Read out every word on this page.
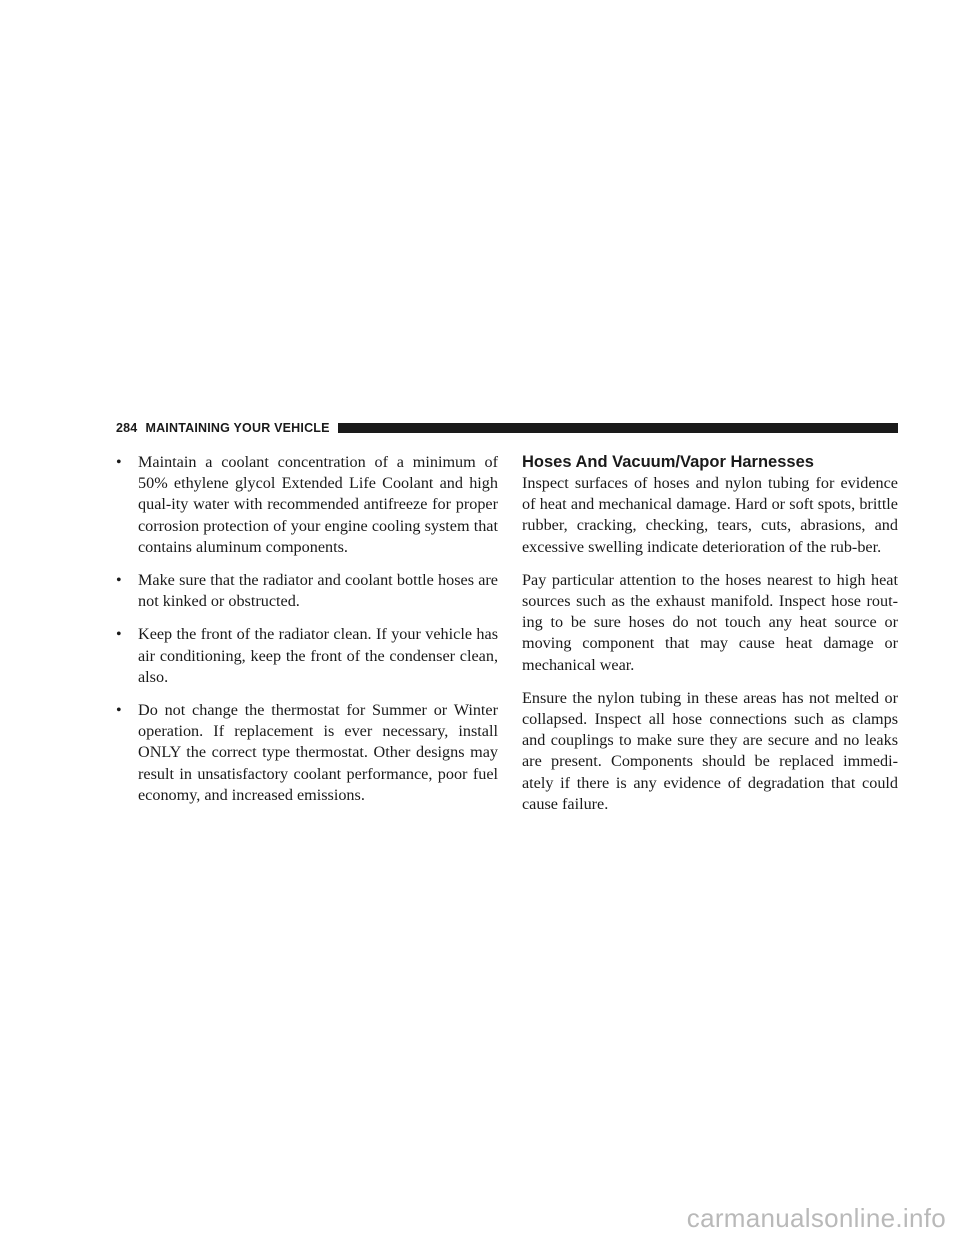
284 MAINTAINING YOUR VEHICLE
• Maintain a coolant concentration of a minimum of 50% ethylene glycol Extended Life Coolant and high qual-ity water with recommended antifreeze for proper corrosion protection of your engine cooling system that contains aluminum components.
• Make sure that the radiator and coolant bottle hoses are not kinked or obstructed.
• Keep the front of the radiator clean. If your vehicle has air conditioning, keep the front of the condenser clean, also.
• Do not change the thermostat for Summer or Winter operation. If replacement is ever necessary, install ONLY the correct type thermostat. Other designs may result in unsatisfactory coolant performance, poor fuel economy, and increased emissions.
Hoses And Vacuum/Vapor Harnesses

Inspect surfaces of hoses and nylon tubing for evidence of heat and mechanical damage. Hard or soft spots, brittle rubber, cracking, checking, tears, cuts, abrasions, and excessive swelling indicate deterioration of the rub-ber.

Pay particular attention to the hoses nearest to high heat sources such as the exhaust manifold. Inspect hose rout-ing to be sure hoses do not touch any heat source or moving component that may cause heat damage or mechanical wear.

Ensure the nylon tubing in these areas has not melted or collapsed. Inspect all hose connections such as clamps and couplings to make sure they are secure and no leaks are present. Components should be replaced immedi-ately if there is any evidence of degradation that could cause failure.

carmanualsonline.info
